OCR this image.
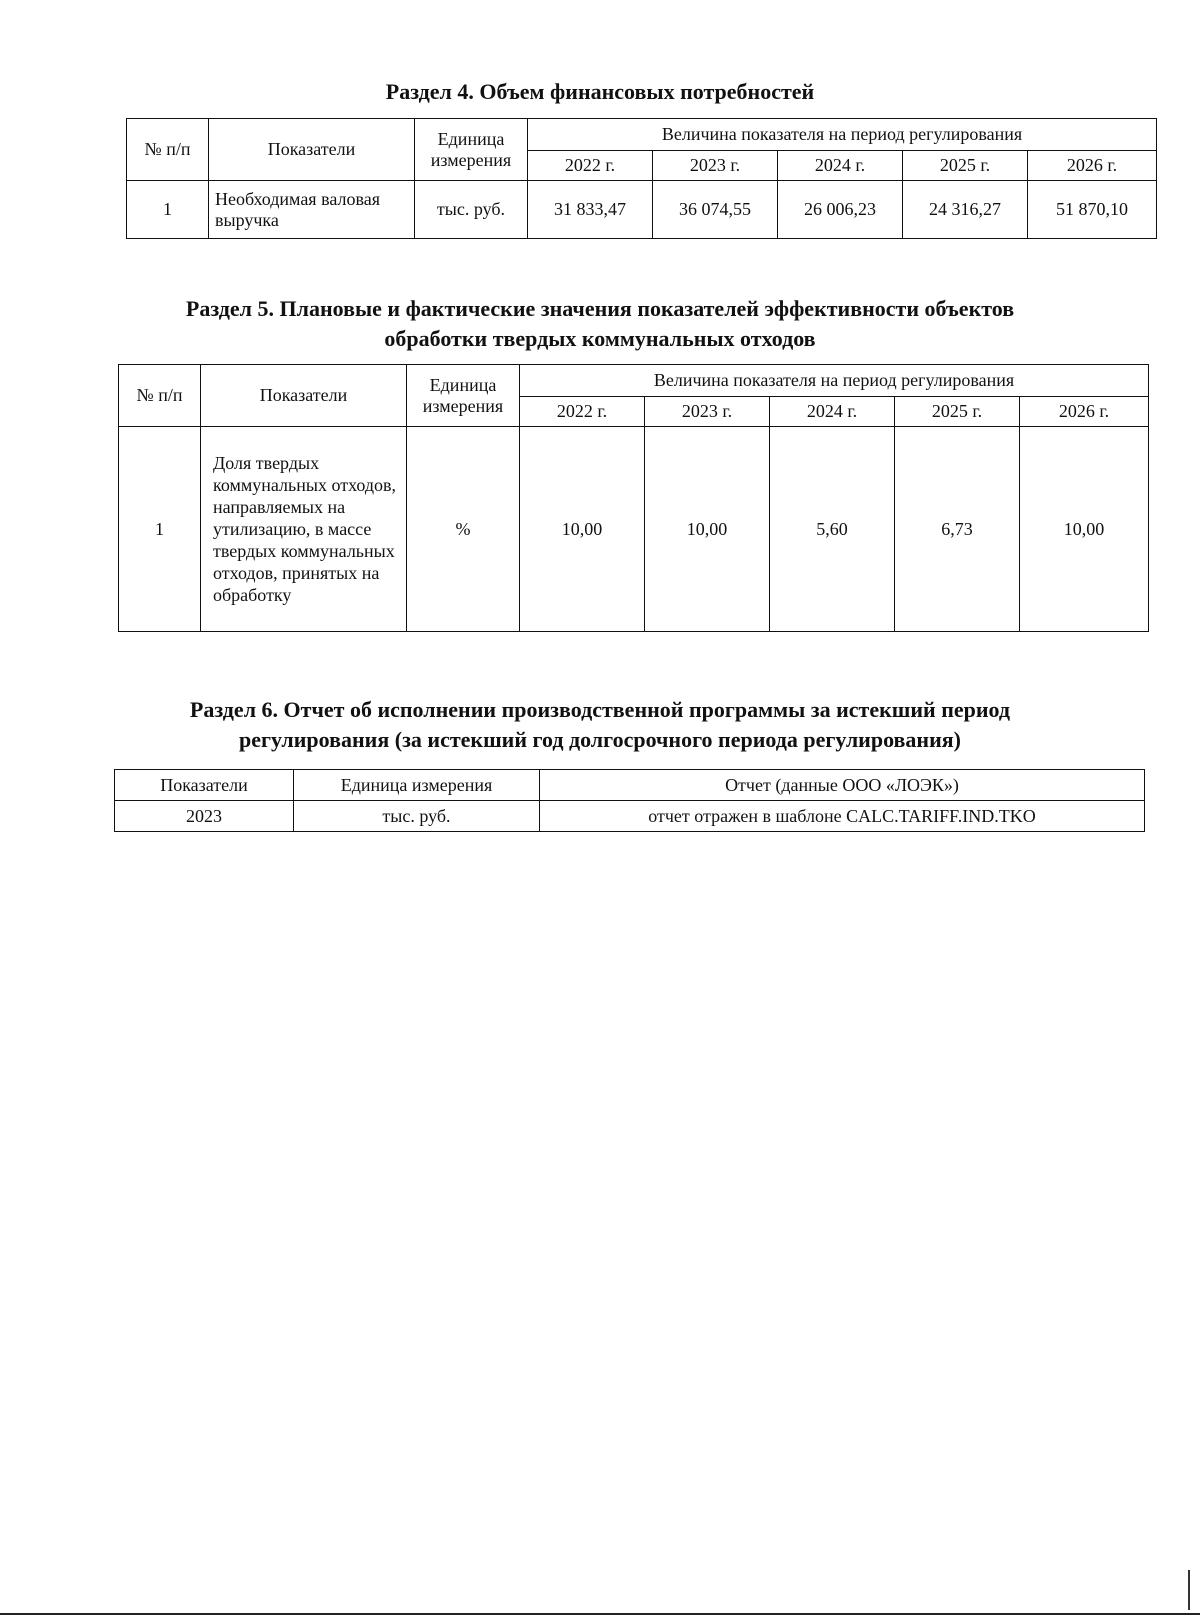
Раздел 4. Объем финансовых потребностей
№ п/п	Показатели	Единица измерения	Величина показателя на период регулирования				
			2022 г.	2023 г.	2024 г.	2025 г.	2026 г.
1	Необходимая валовая выручка	тыс. руб.	31 833,47	36 074,55	26 006,23	24 316,27	51 870,10
Раздел 5. Плановые и фактические значения показателей эффективности объектов
обработки твердых коммунальных отходов
№ п/п	Показатели	Единица измерения	Величина показателя на период регулирования				
			2022 г.	2023 г.	2024 г.	2025 г.	2026 г.
1	Доля твердых коммунальных отходов, направляемых на утилизацию, в массе твердых коммунальных отходов, принятых на обработку	%	10,00	10,00	5,60	6,73	10,00
Раздел 6. Отчет об исполнении производственной программы за истекший период
регулирования (за истекший год долгосрочного периода регулирования)
Показатели	Единица измерения	Отчет (данные ООО «ЛОЭК»)
2023	тыс. руб.	отчет отражен в шаблоне CALC.TARIFF.IND.TKO
